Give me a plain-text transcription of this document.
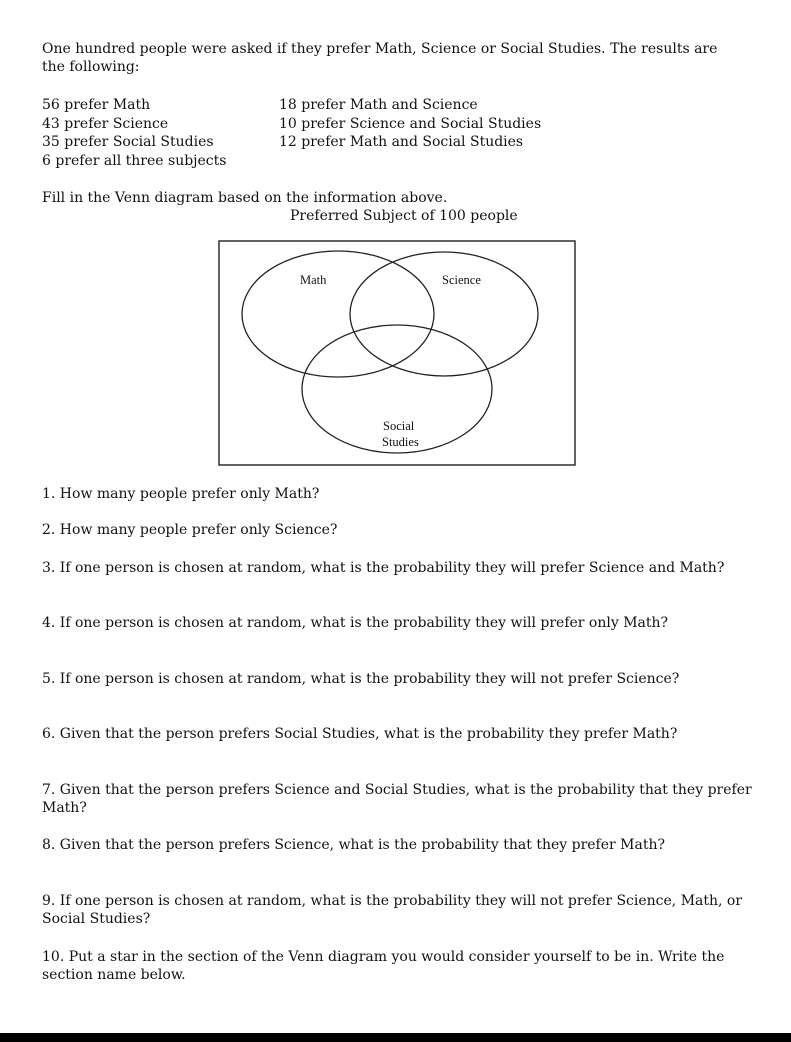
One hundred people were asked if they prefer Math, Science or Social Studies. The results are the following:
56 prefer Math
43 prefer Science
35 prefer Social Studies
6 prefer all three subjects
18 prefer Math and Science
10 prefer Science and Social Studies
12 prefer Math and Social Studies
Fill in the Venn diagram based on the information above.
Preferred Subject of 100 people
Math	Science
Social
Studies
1. How many people prefer only Math?
2. How many people prefer only Science?
3. If one person is chosen at random, what is the probability they will prefer Science and Math?
4. If one person is chosen at random, what is the probability they will prefer only Math?
5. If one person is chosen at random, what is the probability they will not prefer Science?
6. Given that the person prefers Social Studies, what is the probability they prefer Math?
7. Given that the person prefers Science and Social Studies, what is the probability that they prefer Math?
8. Given that the person prefers Science, what is the probability that they prefer Math?
9. If one person is chosen at random, what is the probability they will not prefer Science, Math, or Social Studies?
10. Put a star in the section of the Venn diagram you would consider yourself to be in. Write the section name below.
